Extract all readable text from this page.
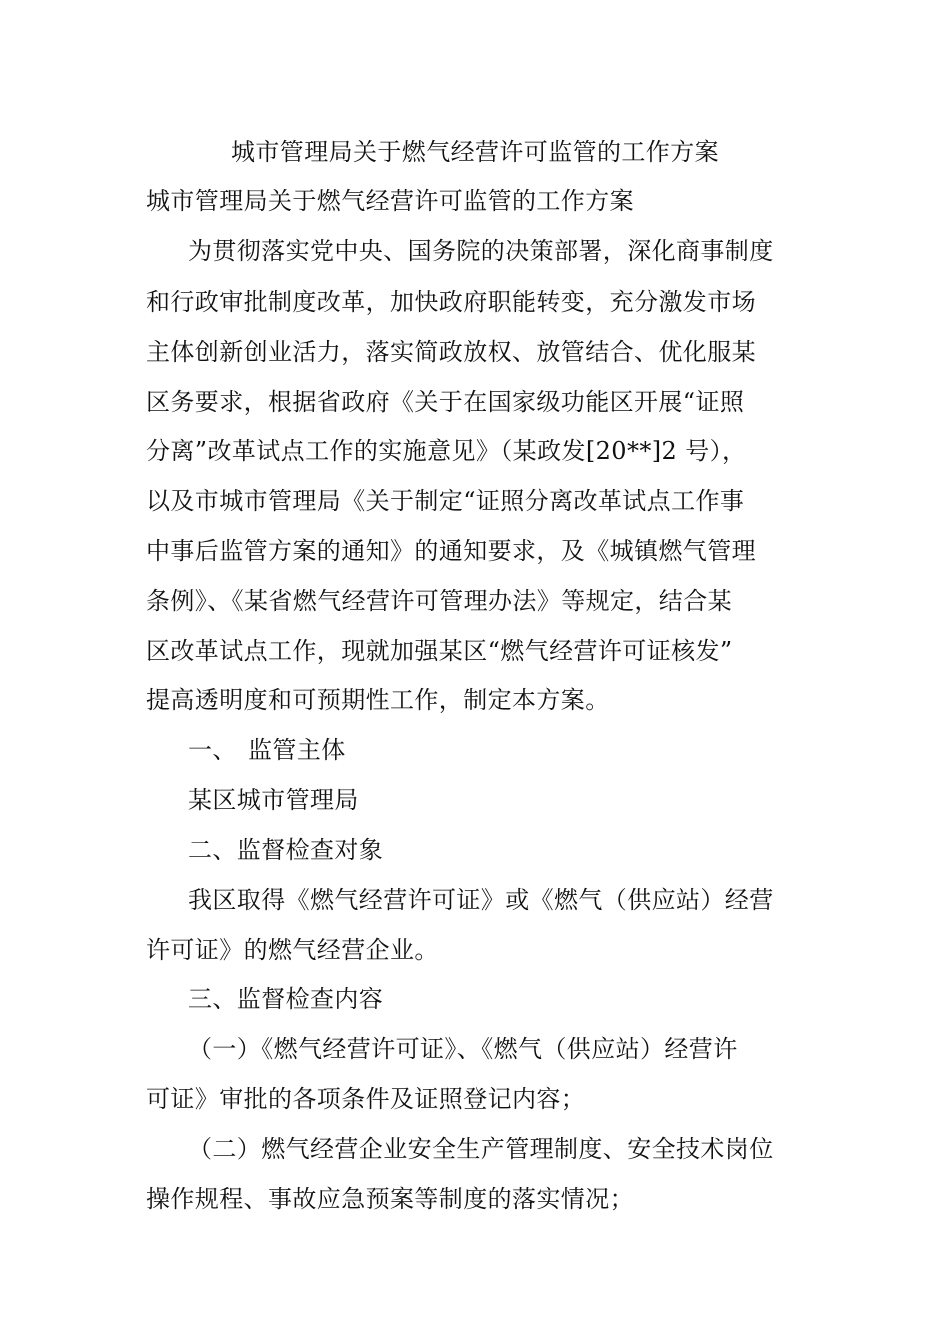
城市管理局关于燃气经营许可监管的工作方案
城市管理局关于燃气经营许可监管的工作方案
为贯彻落实党中央、国务院的决策部署，深化商事制度
和行政审批制度改革，加快政府职能转变，充分激发市场
主体创新创业活力，落实简政放权、放管结合、优化服某
区务要求，根据省政府《关于在国家级功能区开展“证照
分离”改革试点工作的实施意见》（某政发[20**]2 号），
以及市城市管理局《关于制定“证照分离改革试点工作事
中事后监管方案的通知》的通知要求，及《城镇燃气管理
条例》、《某省燃气经营许可管理办法》等规定，结合某
区改革试点工作，现就加强某区“燃气经营许可证核发”
提高透明度和可预期性工作，制定本方案。
一、 监管主体
某区城市管理局
二、监督检查对象
我区取得《燃气经营许可证》或《燃气（供应站）经营
许可证》的燃气经营企业。
三、监督检查内容
（一）《燃气经营许可证》、《燃气（供应站）经营许
可证》审批的各项条件及证照登记内容；
（二）燃气经营企业安全生产管理制度、安全技术岗位
操作规程、事故应急预案等制度的落实情况；
